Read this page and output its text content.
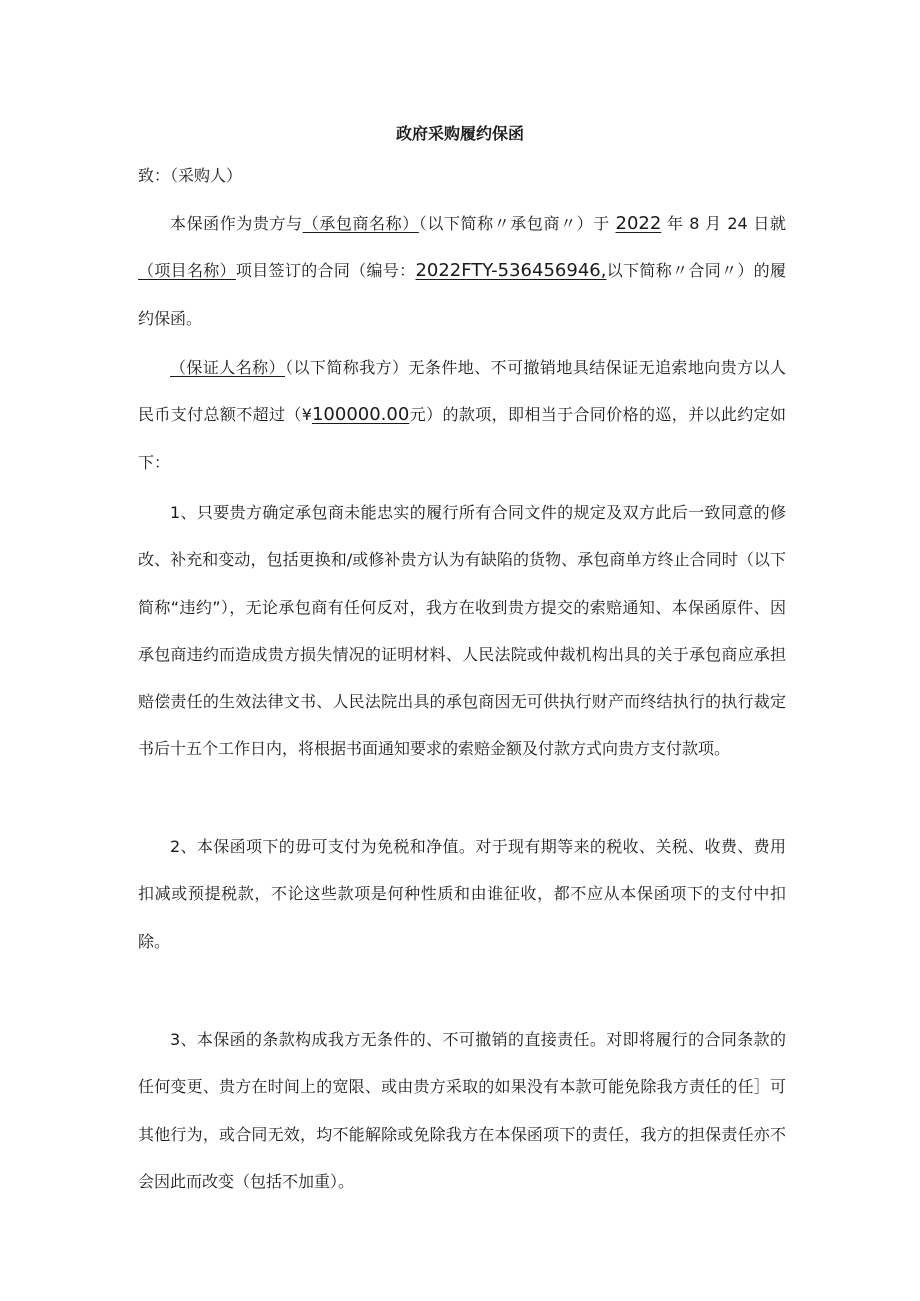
政府采购履约保函
致：（采购人）

本保函作为贵方与（承包商名称）（以下简称〃承包商〃）于 2022 年 8 月 24 日就（项目名称）项目签订的合同（编号：2022FTY-536456946,以下简称〃合同〃）的履约保函。

（保证人名称）（以下简称我方）无条件地、不可撤销地具结保证无追索地向贵方以人民币支付总额不超过（¥100000.00元）的款项，即相当于合同价格的巡，并以此约定如下：

1、只要贵方确定承包商未能忠实的履行所有合同文件的规定及双方此后一致同意的修改、补充和变动，包括更换和/或修补贵方认为有缺陷的货物、承包商单方终止合同时（以下简称“违约”），无论承包商有任何反对，我方在收到贵方提交的索赔通知、本保函原件、因承包商违约而造成贵方损失情况的证明材料、人民法院或仲裁机构出具的关于承包商应承担赔偿责任的生效法律文书、人民法院出具的承包商因无可供执行财产而终结执行的执行裁定书后十五个工作日内，将根据书面通知要求的索赔金额及付款方式向贵方支付款项。

2、本保函项下的毋可支付为免税和净值。对于现有期等来的税收、关税、收费、费用扣减或预提税款，不论这些款项是何种性质和由谁征收，都不应从本保函项下的支付中扣除。

3、本保函的条款构成我方无条件的、不可撤销的直接责任。对即将履行的合同条款的任何变更、贵方在时间上的宽限、或由贵方采取的如果没有本款可能免除我方责任的任］可其他行为，或合同无效，均不能解除或免除我方在本保函项下的责任，我方的担保责任亦不会因此而改变（包括不加重）。
